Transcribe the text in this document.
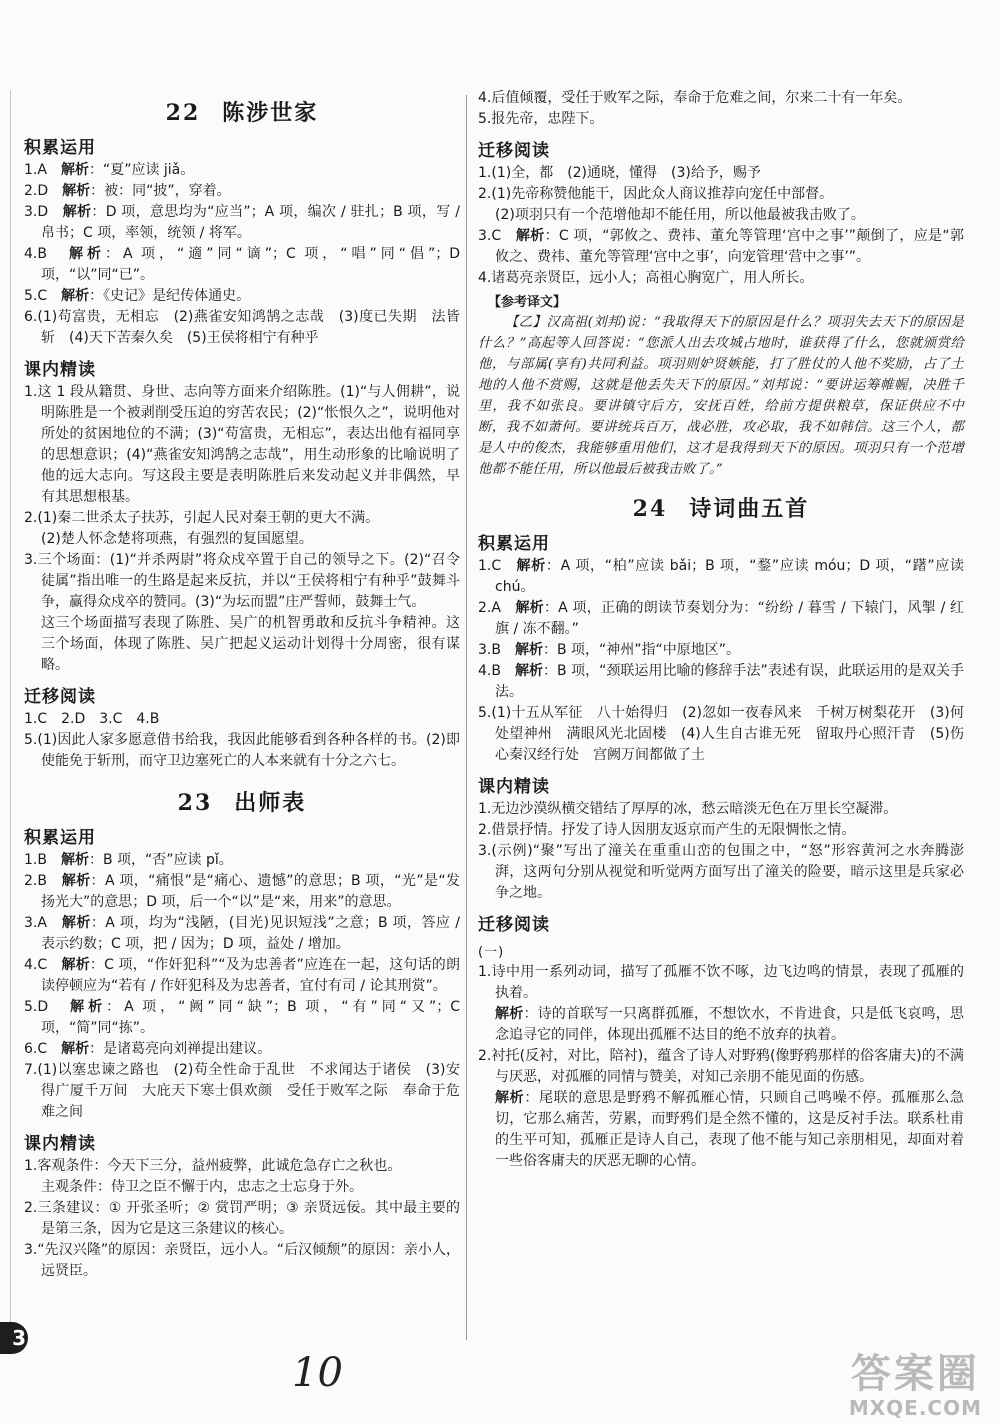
22 陈涉世家
积累运用

1.A　解析：“夏”应读 jiǎ。

2.D　解析：被：同“披”，穿着。

3.D　解析：D 项，意思均为“应当”；A 项，编次 / 驻扎；B 项，写 / 帛书；C 项，率领，统领 / 将军。

4.B　解析：A 项，“適”同“谪”；C 项，“唱”同“倡”；D 项，“以”同“已”。

5.C　解析：《史记》是纪传体通史。

6.(1)苟富贵，无相忘　(2)燕雀安知鸿鹄之志哉　(3)度已失期　法皆斩　(4)天下苦秦久矣　(5)王侯将相宁有种乎

课内精读

1.这 1 段从籍贯、身世、志向等方面来介绍陈胜。(1)“与人佣耕”，说明陈胜是一个被剥削受压迫的穷苦农民；(2)“怅恨久之”，说明他对所处的贫困地位的不满；(3)“苟富贵，无相忘”，表达出他有福同享的思想意识；(4)“燕雀安知鸿鹄之志哉”，用生动形象的比喻说明了他的远大志向。写这段主要是表明陈胜后来发动起义并非偶然，早有其思想根基。

2.(1)秦二世杀太子扶苏，引起人民对秦王朝的更大不满。

(2)楚人怀念楚将项燕，有强烈的复国愿望。

3.三个场面：(1)“并杀两尉”将众戍卒置于自己的领导之下。(2)“召令徒属”指出唯一的生路是起来反抗，并以“王侯将相宁有种乎”鼓舞斗争，赢得众戍卒的赞同。(3)“为坛而盟”庄严誓师，鼓舞士气。

这三个场面描写表现了陈胜、吴广的机智勇敢和反抗斗争精神。这三个场面，体现了陈胜、吴广把起义运动计划得十分周密，很有谋略。

迁移阅读

1.C　2.D　3.C　4.B

5.(1)因此人家多愿意借书给我，我因此能够看到各种各样的书。(2)即使能免于斩刑，而守卫边塞死亡的人本来就有十分之六七。

23 出师表
积累运用

1.B　解析：B 项，“否”应读 pǐ。

2.B　解析：A 项，“痛恨”是“痛心、遗憾”的意思；B 项，“光”是“发扬光大”的意思；D 项，后一个“以”是“来，用来”的意思。

3.A　解析：A 项，均为“浅陋，(目光)见识短浅”之意；B 项，答应 / 表示约数；C 项，把 / 因为；D 项，益处 / 增加。

4.C　解析：C 项，“作奸犯科”“及为忠善者”应连在一起，这句话的朗读停顿应为“若有 / 作奸犯科及为忠善者，宜付有司 / 论其刑赏”。

5.D　解析：A 项，“阙”同“缺”；B 项，“有”同“又”；C 项，“简”同“拣”。

6.C　解析：是诸葛亮向刘禅提出建议。

7.(1)以塞忠谏之路也　(2)苟全性命于乱世　不求闻达于诸侯　(3)安得广厦千万间　大庇天下寒士俱欢颜　受任于败军之际　奉命于危难之间

课内精读

1.客观条件：今天下三分，益州疲弊，此诚危急存亡之秋也。

主观条件：侍卫之臣不懈于内，忠志之士忘身于外。

2.三条建议：① 开张圣听；② 赏罚严明；③ 亲贤远佞。其中最主要的是第三条，因为它是这三条建议的核心。

3.“先汉兴隆”的原因：亲贤臣，远小人。“后汉倾颓”的原因：亲小人，远贤臣。

4.后值倾覆，受任于败军之际，奉命于危难之间，尔来二十有一年矣。

5.报先帝，忠陛下。

迁移阅读

1.(1)全，都　(2)通晓，懂得　(3)给予，赐予

2.(1)先帝称赞他能干，因此众人商议推荐向宠任中部督。

(2)项羽只有一个范增他却不能任用，所以他最被我击败了。

3.C　解析：C 项，“郭攸之、费祎、董允等管理‘宫中之事’”颠倒了，应是“郭攸之、费祎、董允等管理‘宫中之事’，向宠管理‘营中之事’”。

4.诸葛亮亲贤臣，远小人；高祖心胸宽广，用人所长。

【参考译文】

【乙】汉高祖(刘邦)说：“我取得天下的原因是什么？项羽失去天下的原因是什么？”高起等人回答说：“您派人出去攻城占地时，谁获得了什么，您就颁赏给他，与部属(享有)共同利益。项羽则妒贤嫉能，打了胜仗的人他不奖励，占了土地的人他不赏赐，这就是他丢失天下的原因。”刘邦说：“要讲运筹帷幄，决胜千里，我不如张良。要讲镇守后方，安抚百姓，给前方提供粮草，保证供应不中断，我不如萧何。要讲统兵百万，战必胜，攻必取，我不如韩信。这三个人，都是人中的俊杰，我能够重用他们，这才是我得到天下的原因。项羽只有一个范增他都不能任用，所以他最后被我击败了。”

24 诗词曲五首
积累运用

1.C　解析：A 项，“柏”应读 bǎi；B 项，“鍪”应读 móu；D 项，“躇”应读 chú。

2.A　解析：A 项，正确的朗读节奏划分为：“纷纷 / 暮雪 / 下辕门，风掣 / 红旗 / 冻不翻。”

3.B　解析：B 项，“神州”指“中原地区”。

4.B　解析：B 项，“颈联运用比喻的修辞手法”表述有误，此联运用的是双关手法。

5.(1)十五从军征　八十始得归　(2)忽如一夜春风来　千树万树梨花开　(3)何处望神州　满眼风光北固楼　(4)人生自古谁无死　留取丹心照汗青　(5)伤心秦汉经行处　宫阙万间都做了土

课内精读

1.无边沙漠纵横交错结了厚厚的冰，愁云暗淡无色在万里长空凝滞。

2.借景抒情。抒发了诗人因朋友返京而产生的无限惆怅之情。

3.(示例)“聚”写出了潼关在重重山峦的包围之中，“怒”形容黄河之水奔腾澎湃，这两句分别从视觉和听觉两方面写出了潼关的险要，暗示这里是兵家必争之地。

迁移阅读
(一)

1.诗中用一系列动词，描写了孤雁不饮不啄，边飞边鸣的情景，表现了孤雁的执着。

解析：诗的首联写一只离群孤雁，不想饮水，不肯进食，只是低飞哀鸣，思念追寻它的同伴，体现出孤雁不达目的绝不放弃的执着。

2.衬托(反衬，对比，陪衬)，蕴含了诗人对野鸦(像野鸦那样的俗客庸夫)的不满与厌恶，对孤雁的同情与赞美，对知己亲朋不能见面的伤感。

解析：尾联的意思是野鸦不解孤雁心情，只顾自己鸣噪不停。孤雁那么急切，它那么痛苦，劳累，而野鸦们是全然不懂的，这是反衬手法。联系杜甫的生平可知，孤雁正是诗人自己，表现了他不能与知己亲朋相见，却面对着一些俗客庸夫的厌恶无聊的心情。

3
10	答案圈
MXQE.COM
